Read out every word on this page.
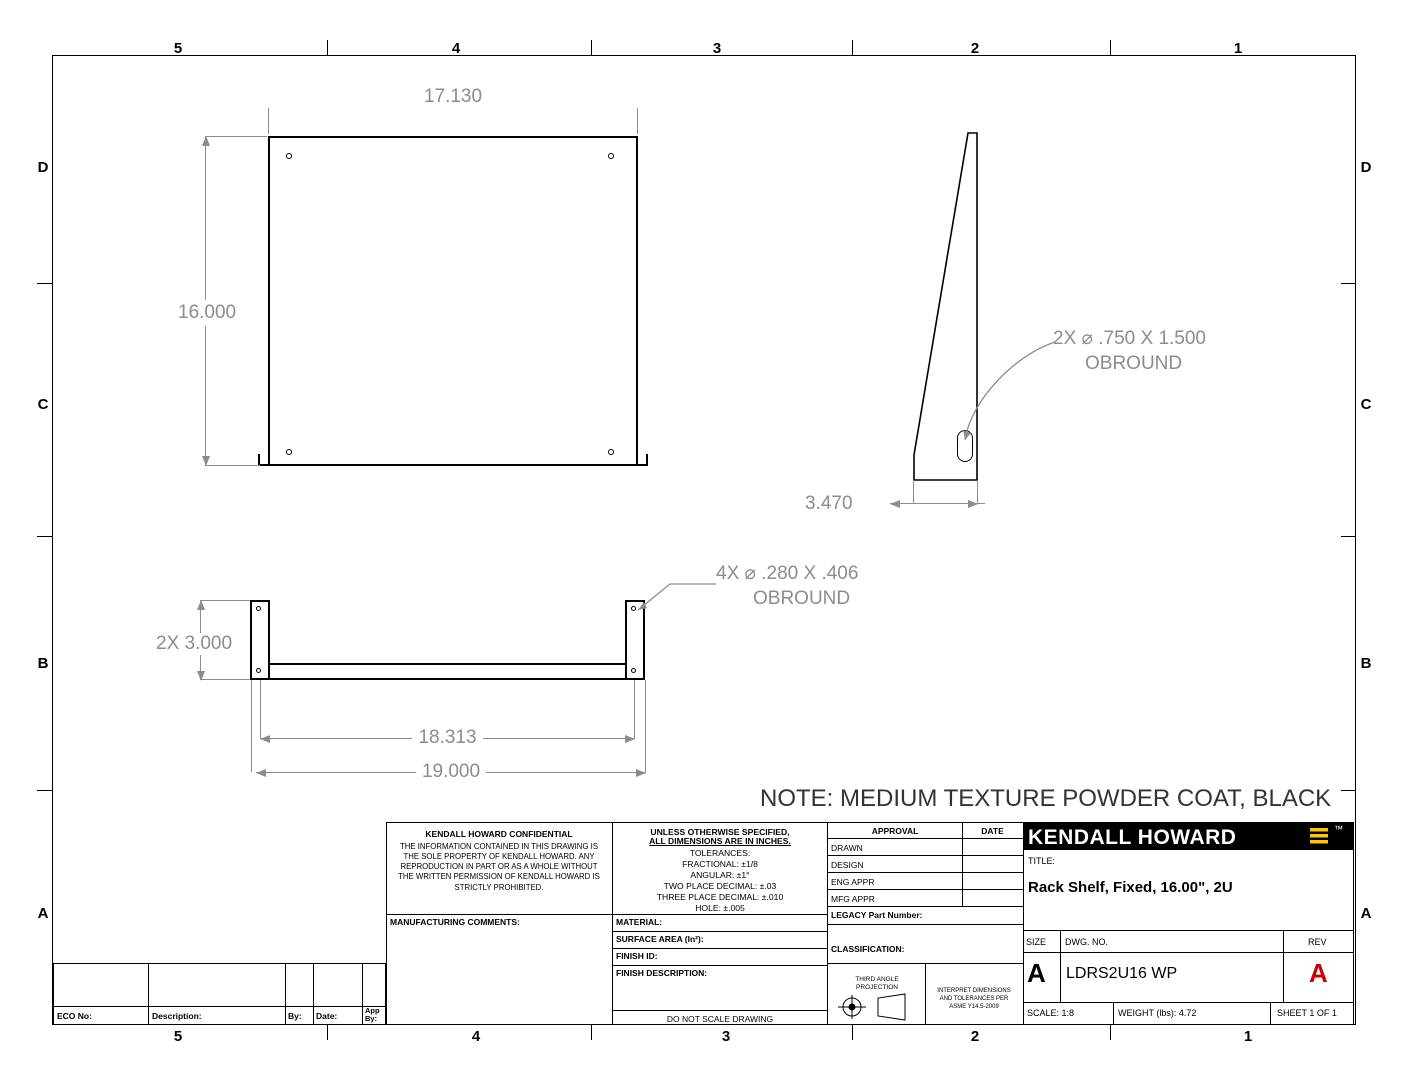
5	4	3	2	1
5	4	3	2	1
D
C
B
A
D
C
B
A
17.130
16.000
2X ⌀ .750 X 1.500
OBROUND
3.470
4X ⌀ .280 X .406
OBROUND
2X 3.000
18.313
19.000
NOTE: MEDIUM TEXTURE POWDER COAT, BLACK
KENDALL HOWARD CONFIDENTIAL
THE INFORMATION CONTAINED IN THIS DRAWING IS THE SOLE PROPERTY OF KENDALL HOWARD. ANY REPRODUCTION IN PART OR AS A WHOLE WITHOUT THE WRITTEN PERMISSION OF KENDALL HOWARD IS STRICTLY PROHIBITED.
MANUFACTURING COMMENTS:
UNLESS OTHERWISE SPECIFIED,
ALL DIMENSIONS ARE IN INCHES.
TOLERANCES:
FRACTIONAL: ±1/8
ANGULAR: ±1°
TWO PLACE DECIMAL: ±.03
THREE PLACE DECIMAL: ±.010
HOLE: ±.005
MATERIAL:
SURFACE AREA (In²):
FINISH ID:
FINISH DESCRIPTION:
DO NOT SCALE DRAWING
APPROVAL	DATE
DRAWN
DESIGN
ENG APPR
MFG APPR
LEGACY Part Number:
CLASSIFICATION:
THIRD ANGLE
PROJECTION	INTERPRET DIMENSIONS
AND TOLERANCES PER
ASME Y14.5-2009
KENDALL HOWARD	™
TITLE:
Rack Shelf, Fixed, 16.00", 2U
SIZE DWG. NO.	REV
A LDRS2U16 WP	A
SCALE: 1:8	WEIGHT (lbs): 4.72	SHEET 1 OF 1
ECO No:	Description:	By: Date:
App
By:
